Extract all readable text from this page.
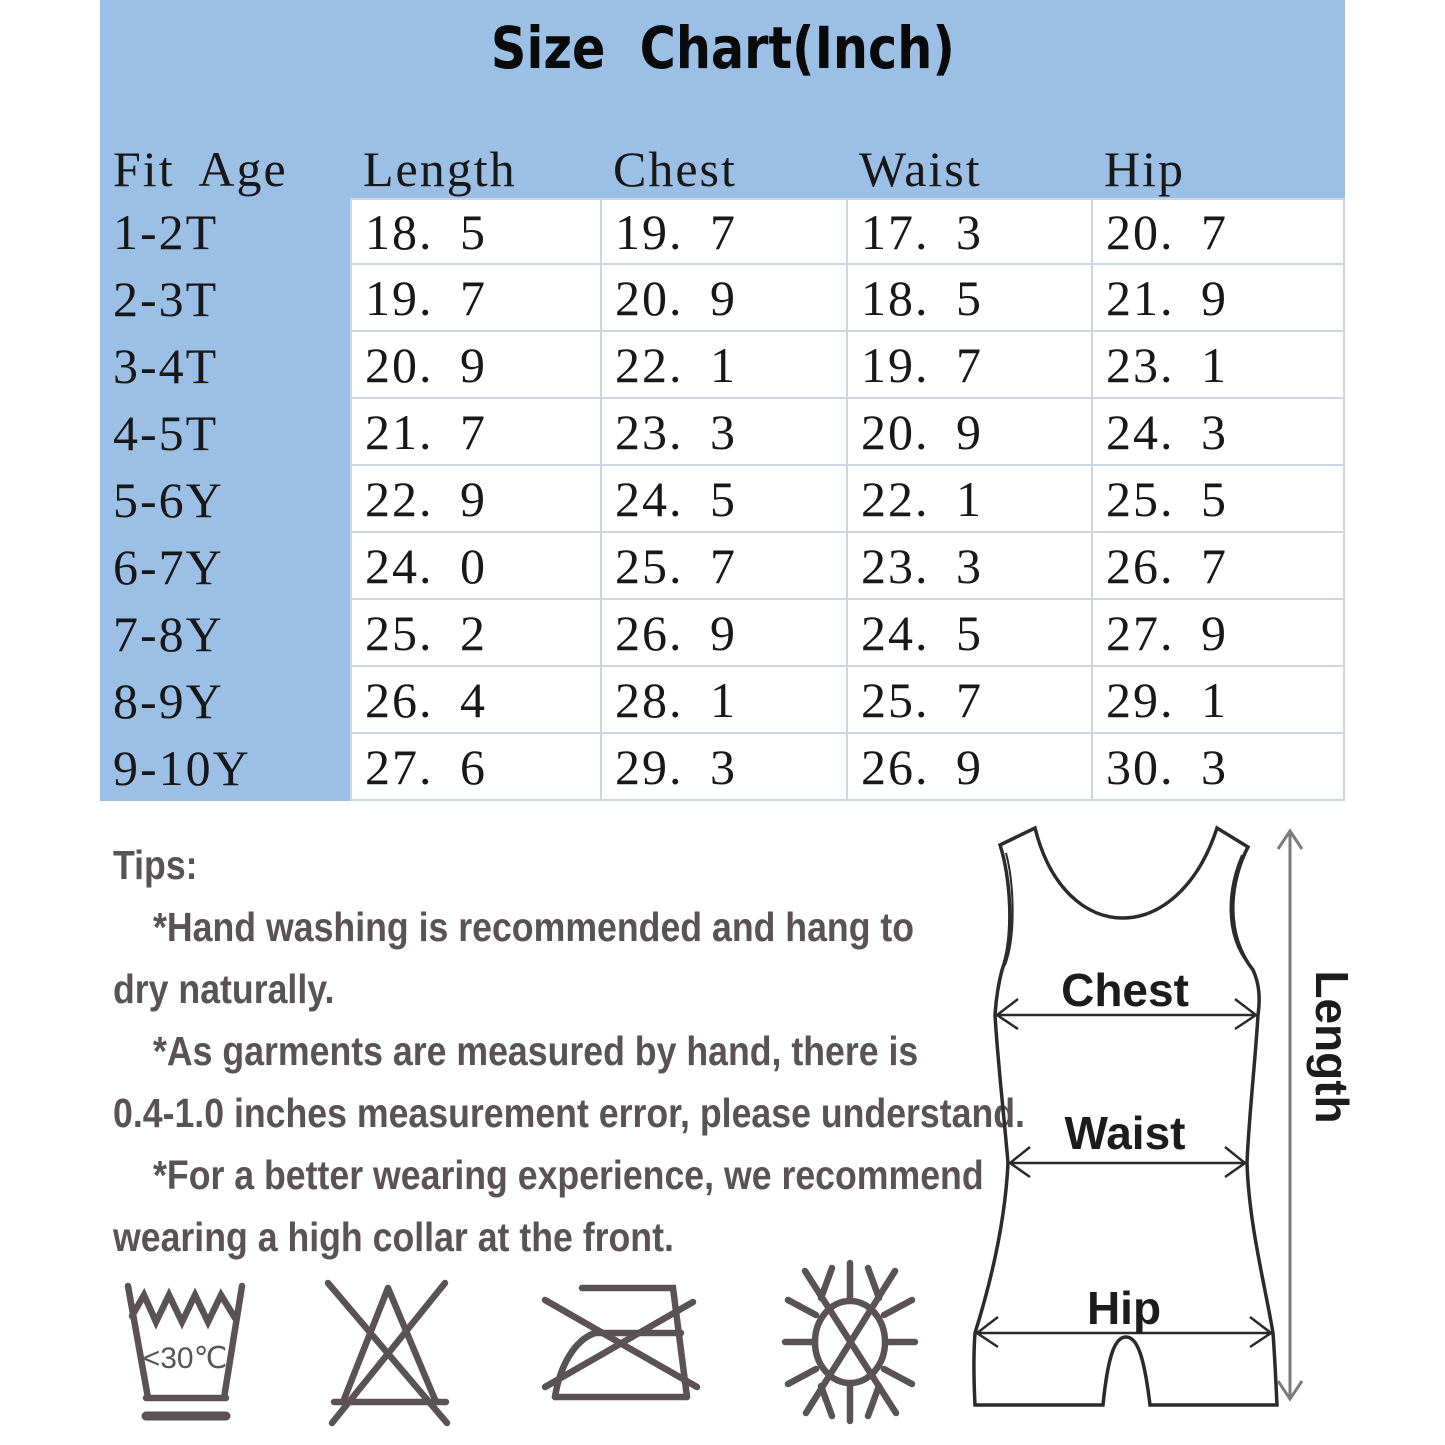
Size Chart(Inch)
Fit Age	Length	Chest	Waist	Hip
1-2T	18. 5	19. 7	17. 3	20. 7
2-3T	19. 7	20. 9	18. 5	21. 9
3-4T	20. 9	22. 1	19. 7	23. 1
4-5T	21. 7	23. 3	20. 9	24. 3
5-6Y	22. 9	24. 5	22. 1	25. 5
6-7Y	24. 0	25. 7	23. 3	26. 7
7-8Y	25. 2	26. 9	24. 5	27. 9
8-9Y	26. 4	28. 1	25. 7	29. 1
9-10Y	27. 6	29. 3	26. 9	30. 3
Tips:
*Hand washing is recommended and hang to
dry naturally.
*As garments are measured by hand, there is
0.4-1.0 inches measurement error, please understand.
*For a better wearing experience, we recommend
wearing a high collar at the front.
Chest
Waist
Hip
Length
<30℃
